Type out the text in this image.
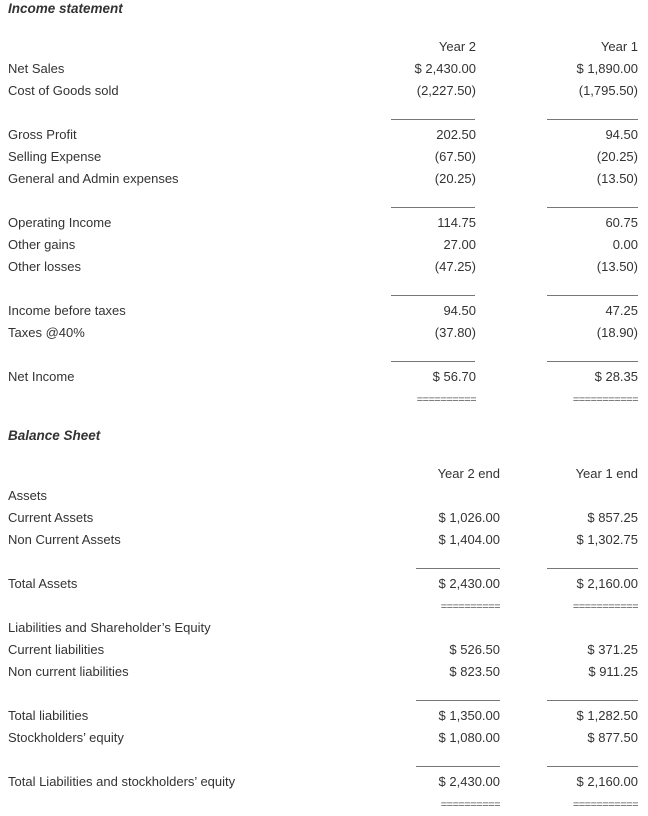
Income statement
Year 2	Year 1
Net Sales	$ 2,430.00	$ 1,890.00
Cost of Goods sold	(2,227.50)	(1,795.50)
Gross Profit	202.50	94.50
Selling Expense	(67.50)	(20.25)
General and Admin expenses	(20.25)	(13.50)
Operating Income	114.75	60.75
Other gains	27.00	0.00
Other losses	(47.25)	(13.50)
Income before taxes	94.50	47.25
Taxes @40%	(37.80)	(18.90)
Net Income	$ 56.70	$ 28.35
==========	===========
Balance Sheet
Year 2 end	Year 1 end
Assets
Current Assets	$ 1,026.00	$ 857.25
Non Current Assets	$ 1,404.00	$ 1,302.75
Total Assets	$ 2,430.00	$ 2,160.00
==========	===========
Liabilities and Shareholder’s Equity
Current liabilities	$ 526.50	$ 371.25
Non current liabilities	$ 823.50	$ 911.25
Total liabilities	$ 1,350.00	$ 1,282.50
Stockholders’ equity	$ 1,080.00	$ 877.50
Total Liabilities and stockholders’ equity	$ 2,430.00	$ 2,160.00
==========	===========
